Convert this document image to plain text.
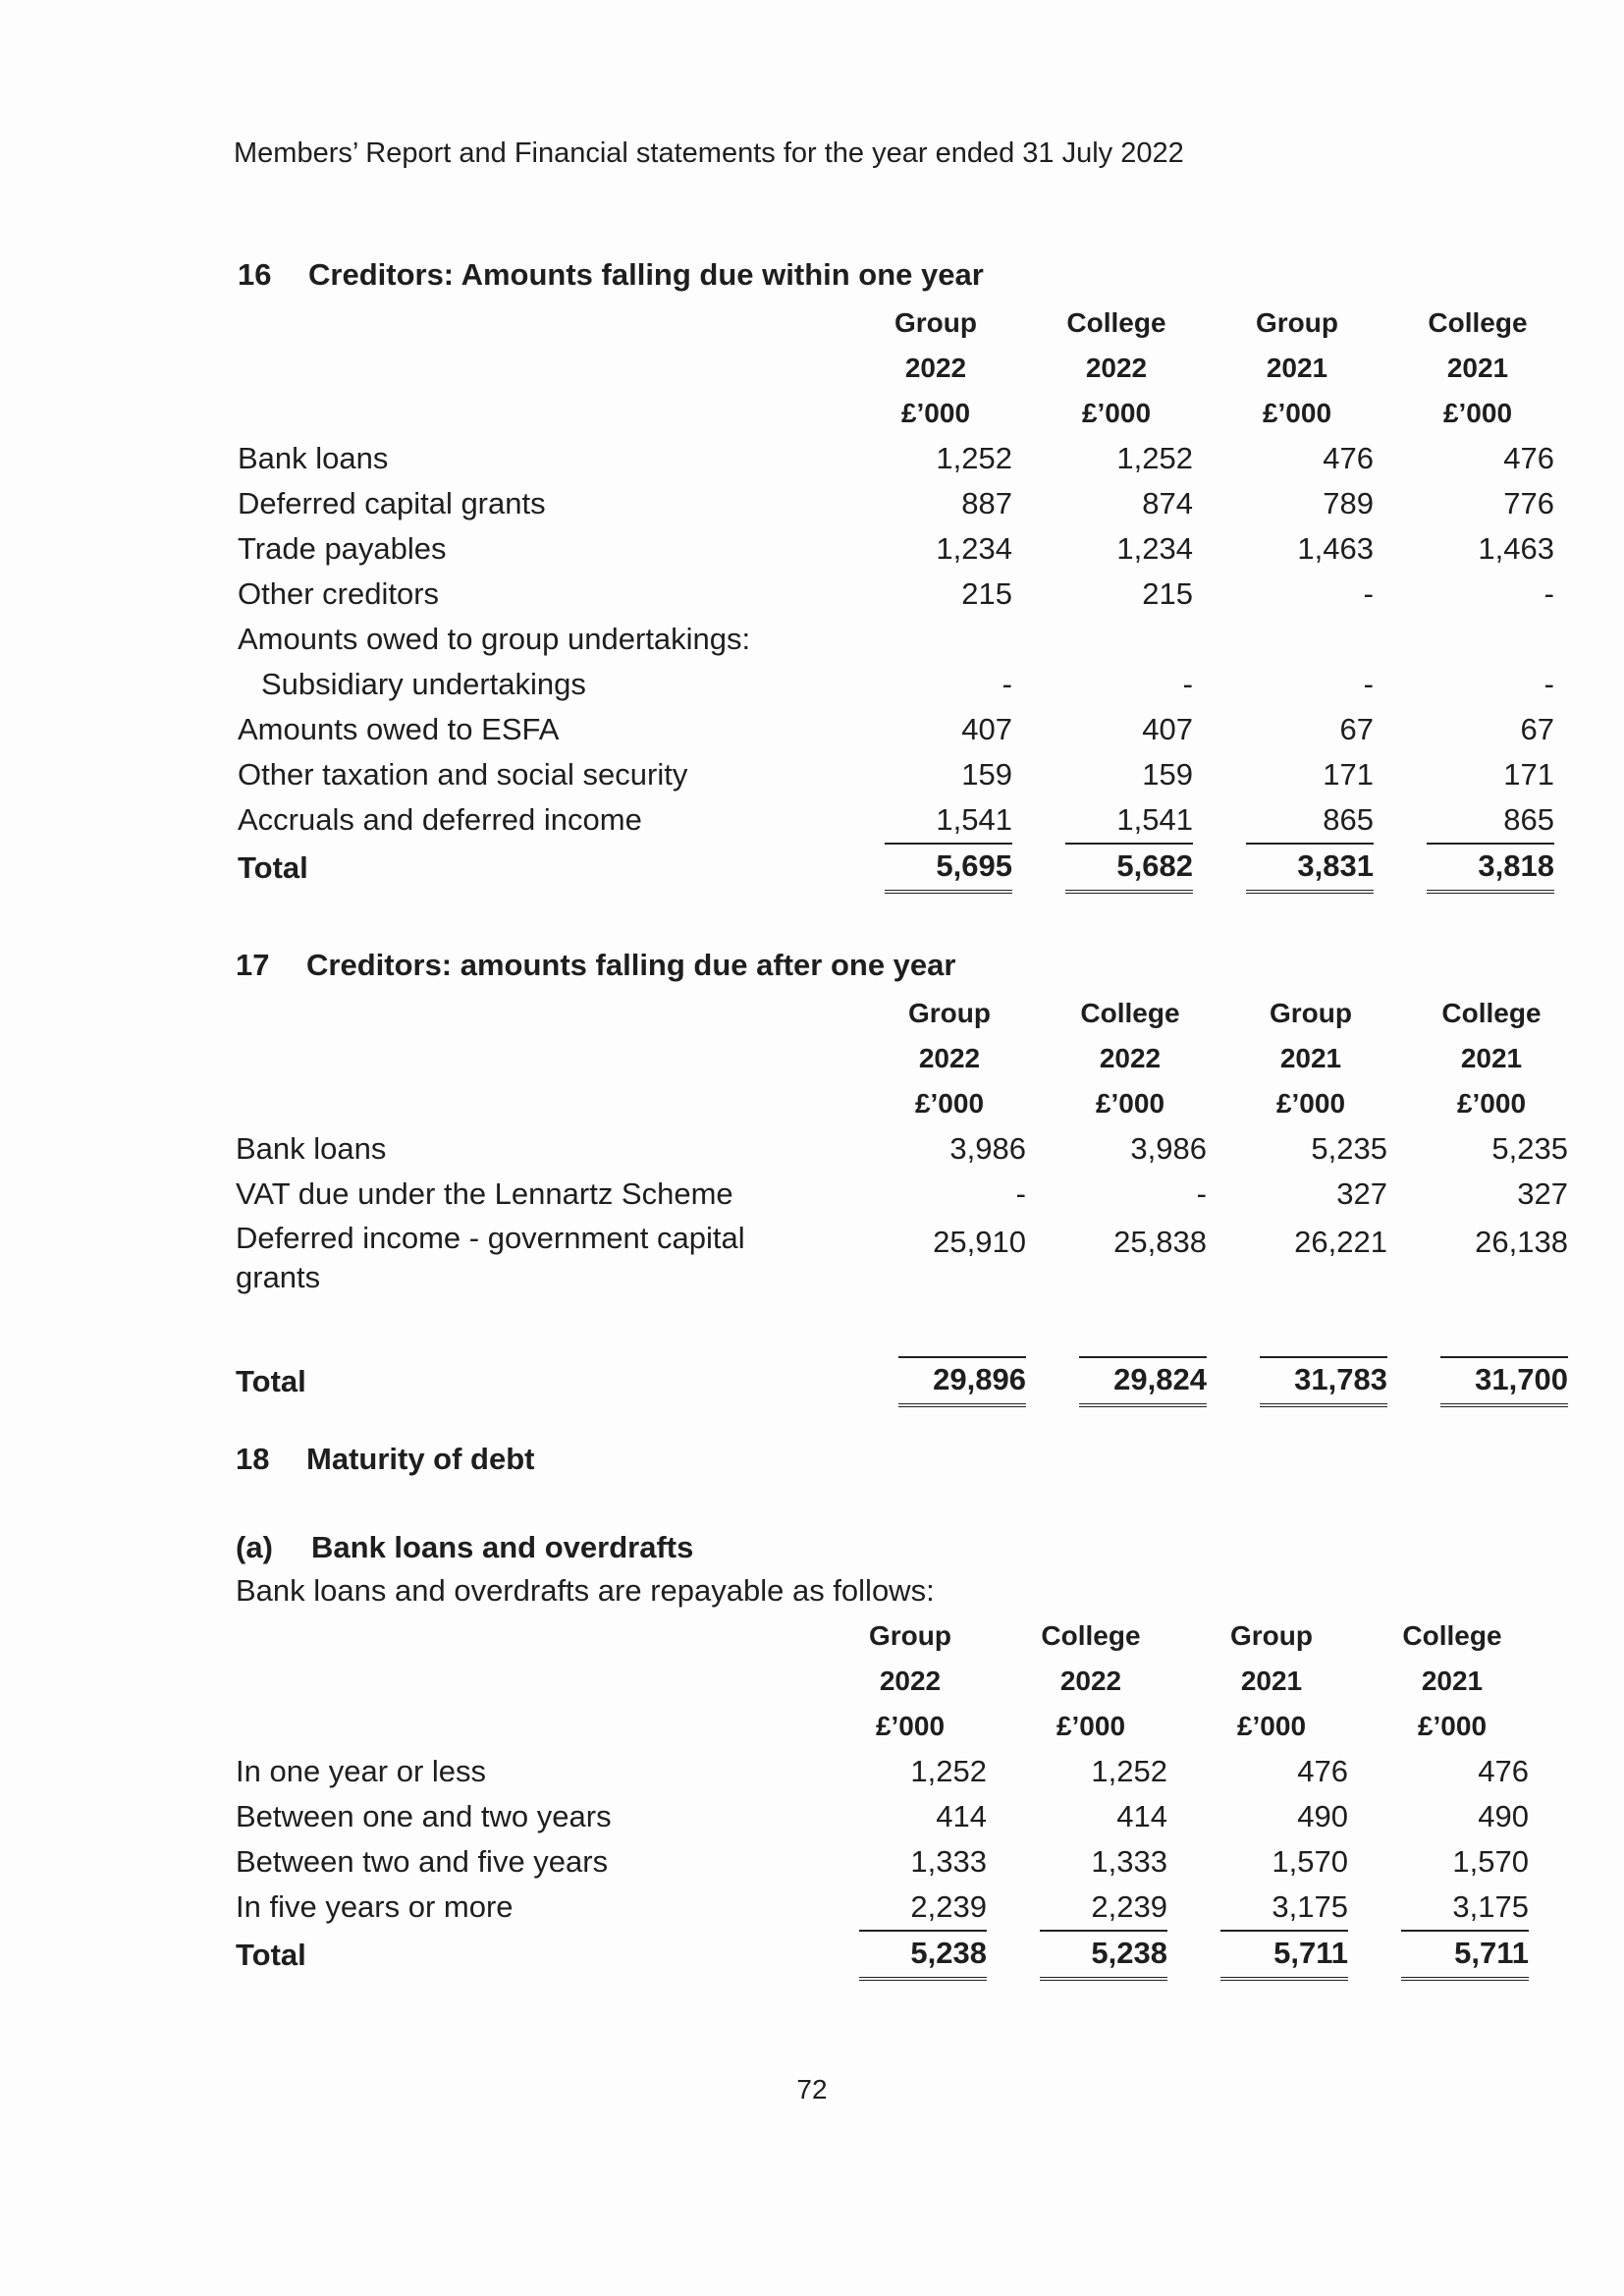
Members’ Report and Financial statements for the year ended 31 July 2022
16 Creditors: Amounts falling due within one year
	Group	College	Group	College
	2022	2022	2021	2021
	£’000	£’000	£’000	£’000
Bank loans	1,252	1,252	476	476
Deferred capital grants	887	874	789	776
Trade payables	1,234	1,234	1,463	1,463
Other creditors	215	215	-	-
Amounts owed to group undertakings:				
Subsidiary undertakings	-	-	-	-
Amounts owed to ESFA	407	407	67	67
Other taxation and social security	159	159	171	171
Accruals and deferred income	1,541	1,541	865	865
Total	5,695	5,682	3,831	3,818
17 Creditors: amounts falling due after one year
	Group	College	Group	College
	2022	2022	2021	2021
	£’000	£’000	£’000	£’000
Bank loans	3,986	3,986	5,235	5,235
VAT due under the Lennartz Scheme	-	-	327	327
Deferred income - government capital grants	25,910	25,838	26,221	26,138

Total	29,896	29,824	31,783	31,700
18 Maturity of debt
(a) Bank loans and overdrafts
Bank loans and overdrafts are repayable as follows:
	Group	College	Group	College
	2022	2022	2021	2021
	£’000	£’000	£’000	£’000
In one year or less	1,252	1,252	476	476
Between one and two years	414	414	490	490
Between two and five years	1,333	1,333	1,570	1,570
In five years or more	2,239	2,239	3,175	3,175
Total	5,238	5,238	5,711	5,711
72
